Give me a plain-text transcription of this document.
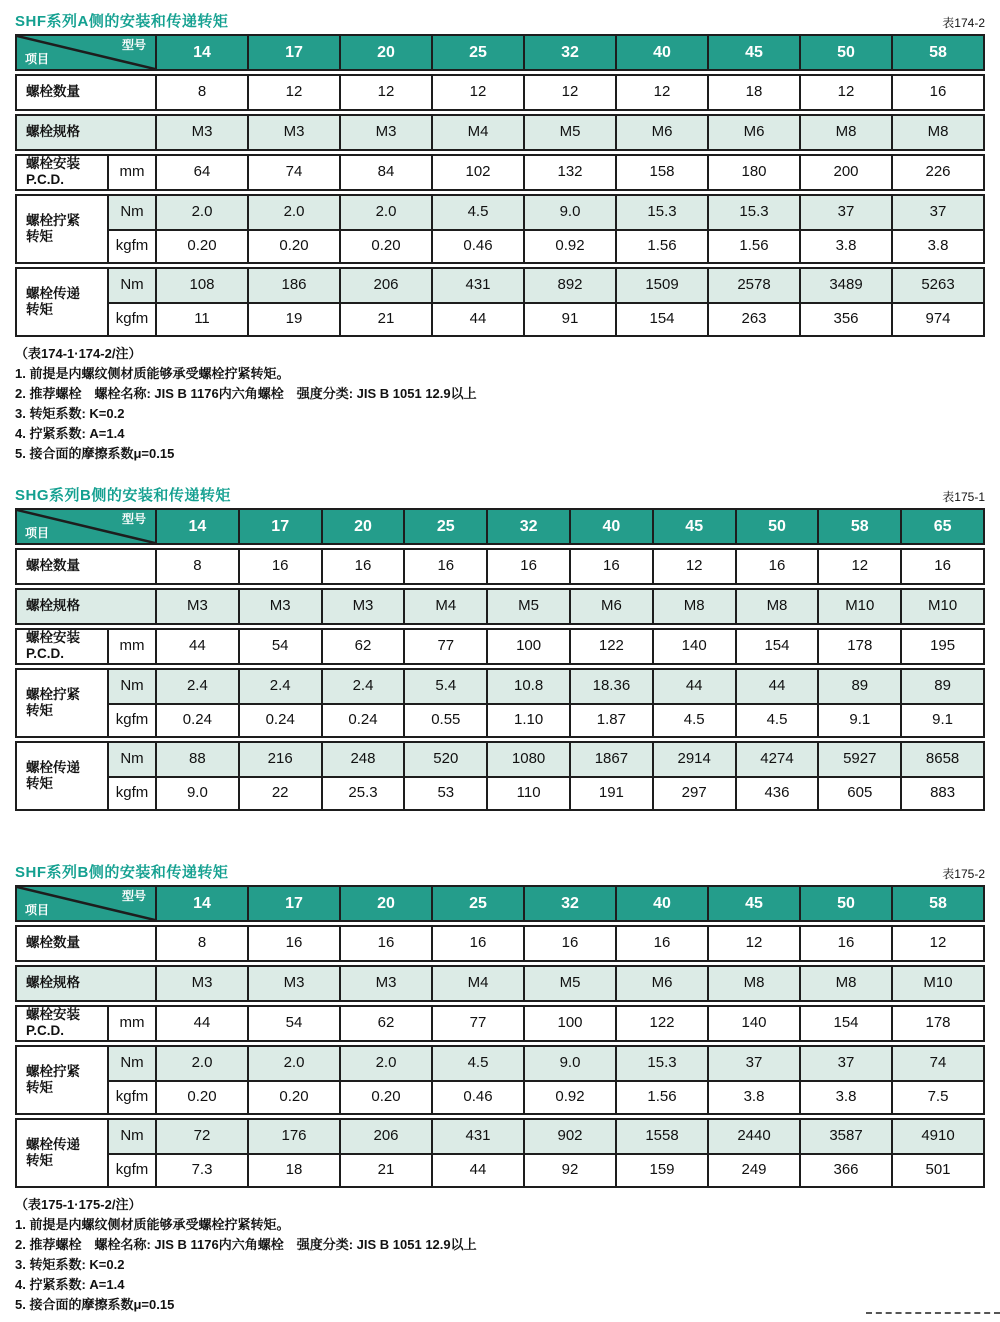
SHF系列A侧的安装和传递转矩	表174-2
型号
项目	14	17	20	25	32	40	45	50	58
螺栓数量	8	12	12	12	12	12	18	12	16
螺栓规格	M3	M3	M3	M4	M5	M6	M6	M8	M8
螺栓安装
P.C.D.	mm	64	74	84	102	132	158	180	200	226
螺栓拧紧
转矩
Nm	2.0	2.0	2.0	4.5	9.0	15.3	15.3	37	37
kgfm	0.20	0.20	0.20	0.46	0.92	1.56	1.56	3.8	3.8
螺栓传递
转矩
Nm	108	186	206	431	892	1509	2578	3489	5263
kgfm	11	19	21	44	91	154	263	356	974
（表174-1·174-2/注）
1. 前提是内螺纹侧材质能够承受螺栓拧紧转矩。
2. 推荐螺栓　螺栓名称: JIS B 1176内六角螺栓　强度分类: JIS B 1051 12.9以上
3. 转矩系数: K=0.2
4. 拧紧系数: A=1.4
5. 接合面的摩擦系数μ=0.15
SHG系列B侧的安装和传递转矩	表175-1
型号
项目	14	17	20	25	32	40	45	50	58	65
螺栓数量	8	16	16	16	16	16	12	16	12	16
螺栓规格	M3	M3	M3	M4	M5	M6	M8	M8	M10	M10
螺栓安装
P.C.D.	mm	44	54	62	77	100	122	140	154	178	195
螺栓拧紧
转矩
Nm	2.4	2.4	2.4	5.4	10.8	18.36	44	44	89	89
kgfm	0.24	0.24	0.24	0.55	1.10	1.87	4.5	4.5	9.1	9.1
螺栓传递
转矩
Nm	88	216	248	520	1080	1867	2914	4274	5927	8658
kgfm	9.0	22	25.3	53	110	191	297	436	605	883
SHF系列B侧的安装和传递转矩	表175-2
型号
项目	14	17	20	25	32	40	45	50	58
螺栓数量	8	16	16	16	16	16	12	16	12
螺栓规格	M3	M3	M3	M4	M5	M6	M8	M8	M10
螺栓安装
P.C.D.	mm	44	54	62	77	100	122	140	154	178
螺栓拧紧
转矩
Nm	2.0	2.0	2.0	4.5	9.0	15.3	37	37	74
kgfm	0.20	0.20	0.20	0.46	0.92	1.56	3.8	3.8	7.5
螺栓传递
转矩
Nm	72	176	206	431	902	1558	2440	3587	4910
kgfm	7.3	18	21	44	92	159	249	366	501
（表175-1·175-2/注）
1. 前提是内螺纹侧材质能够承受螺栓拧紧转矩。
2. 推荐螺栓　螺栓名称: JIS B 1176内六角螺栓　强度分类: JIS B 1051 12.9以上
3. 转矩系数: K=0.2
4. 拧紧系数: A=1.4
5. 接合面的摩擦系数μ=0.15
